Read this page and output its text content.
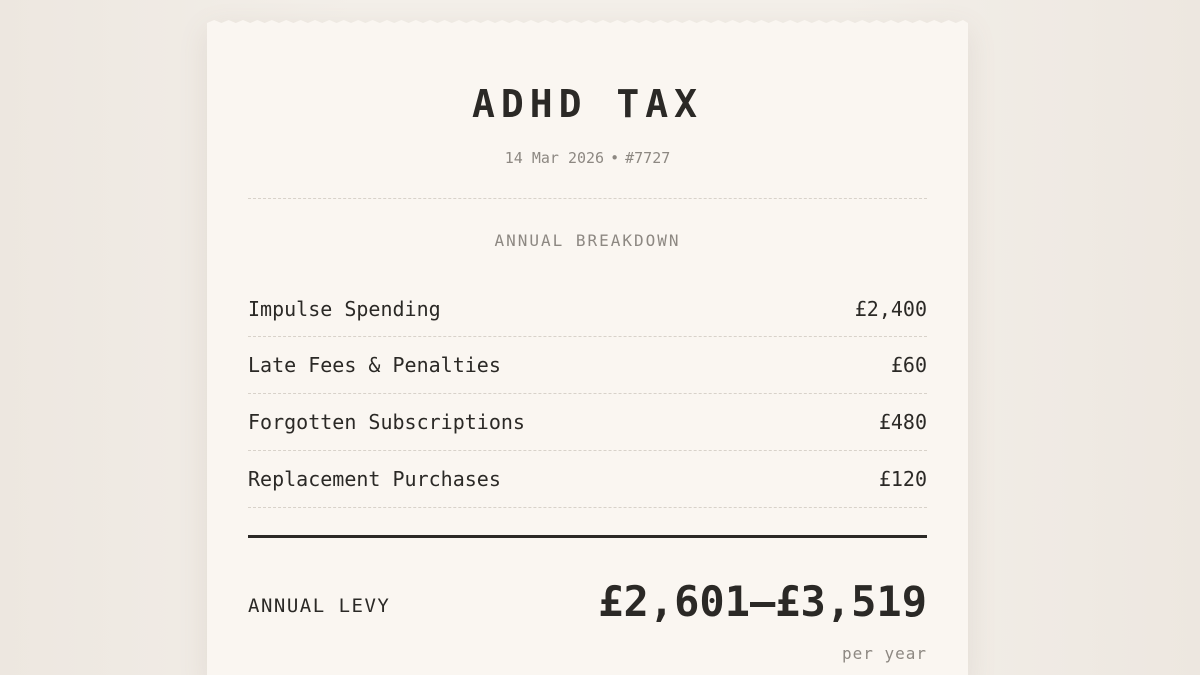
ADHD TAX
14 Mar 2026 • #7727
ANNUAL BREAKDOWN
Impulse Spending	£2,400
Late Fees & Penalties	£60
Forgotten Subscriptions	£480
Replacement Purchases	£120
ANNUAL LEVY	£2,601–£3,519
per year
